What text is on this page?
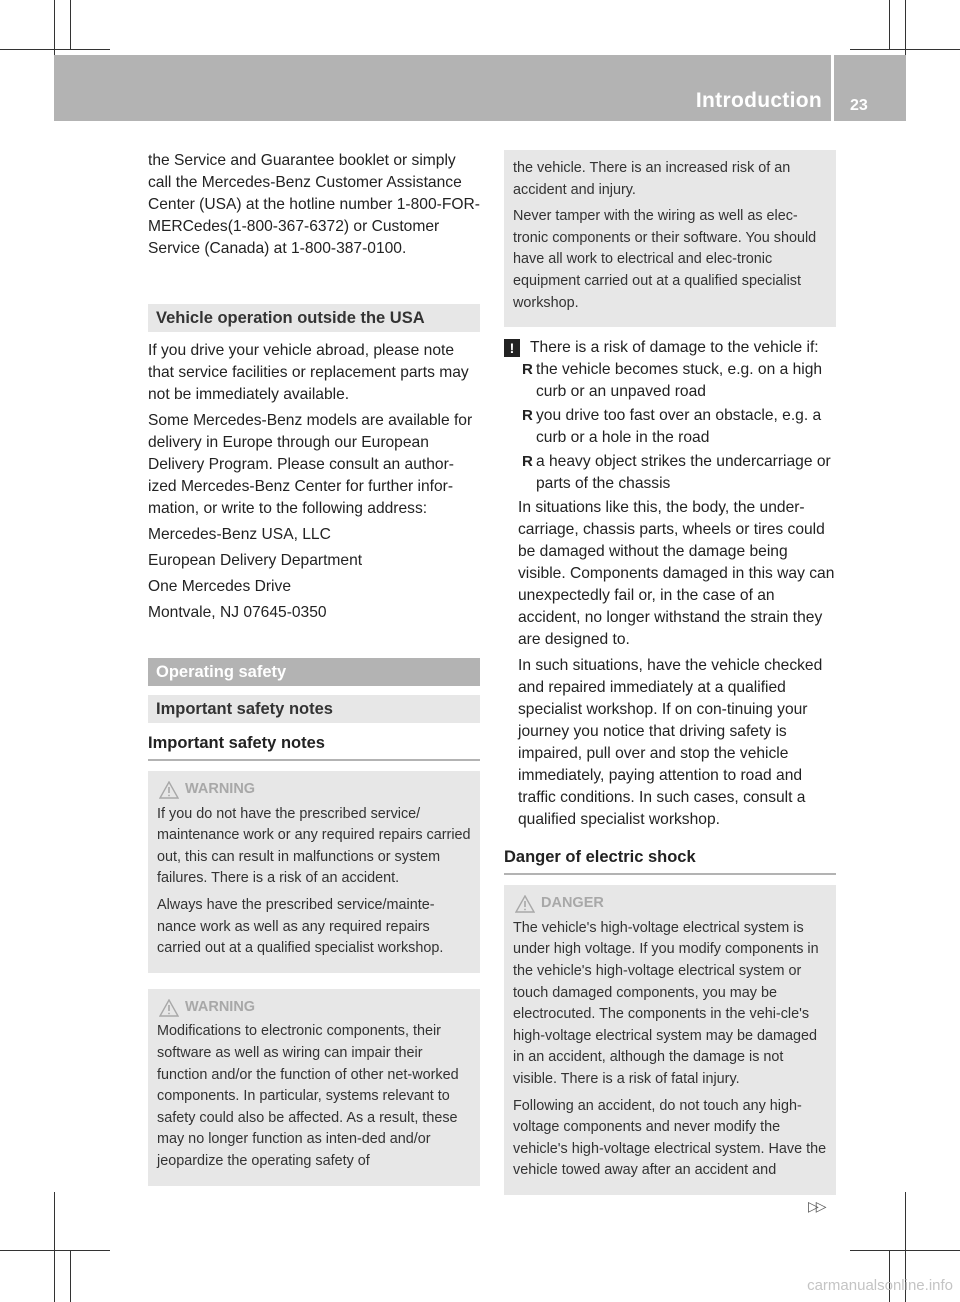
Introduction 23

the Service and Guarantee booklet or simply call the Mercedes-Benz Customer Assistance Center (USA) at the hotline number 1-800-FOR-MERCedes(1-800-367-6372) or Customer Service (Canada) at 1-800-387-0100.

Vehicle operation outside the USA

If you drive your vehicle abroad, please note that service facilities or replacement parts may not be immediately available.

Some Mercedes-Benz models are available for delivery in Europe through our European Delivery Program. Please consult an author-ized Mercedes-Benz Center for further infor-mation, or write to the following address:

Mercedes-Benz USA, LLC

European Delivery Department

One Mercedes Drive

Montvale, NJ 07645-0350

Operating safety
Important safety notes
Important safety notes
WARNING

If you do not have the prescribed service/ maintenance work or any required repairs carried out, this can result in malfunctions or system failures. There is a risk of an accident.

Always have the prescribed service/mainte-nance work as well as any required repairs carried out at a qualified specialist workshop.

WARNING

Modifications to electronic components, their software as well as wiring can impair their function and/or the function of other net-worked components. In particular, systems relevant to safety could also be affected. As a result, these may no longer function as inten-ded and/or jeopardize the operating safety of

the vehicle. There is an increased risk of an accident and injury.

Never tamper with the wiring as well as elec-tronic components or their software. You should have all work to electrical and elec-tronic equipment carried out at a qualified specialist workshop.

!	There is a risk of damage to the vehicle if:
R the vehicle becomes stuck, e.g. on a high curb or an unpaved road
R you drive too fast over an obstacle, e.g. a curb or a hole in the road
R a heavy object strikes the undercarriage or parts of the chassis

In situations like this, the body, the under-carriage, chassis parts, wheels or tires could be damaged without the damage being visible. Components damaged in this way can unexpectedly fail or, in the case of an accident, no longer withstand the strain they are designed to.

In such situations, have the vehicle checked and repaired immediately at a qualified specialist workshop. If on con-tinuing your journey you notice that driving safety is impaired, pull over and stop the vehicle immediately, paying attention to road and traffic conditions. In such cases, consult a qualified specialist workshop.

Danger of electric shock
DANGER

The vehicle's high-voltage electrical system is under high voltage. If you modify components in the vehicle's high-voltage electrical system or touch damaged components, you may be electrocuted. The components in the vehi-cle's high-voltage electrical system may be damaged in an accident, although the damage is not visible. There is a risk of fatal injury.

Following an accident, do not touch any high-voltage components and never modify the vehicle's high-voltage electrical system. Have the vehicle towed away after an accident and

▷▷
carmanualsonline.info
